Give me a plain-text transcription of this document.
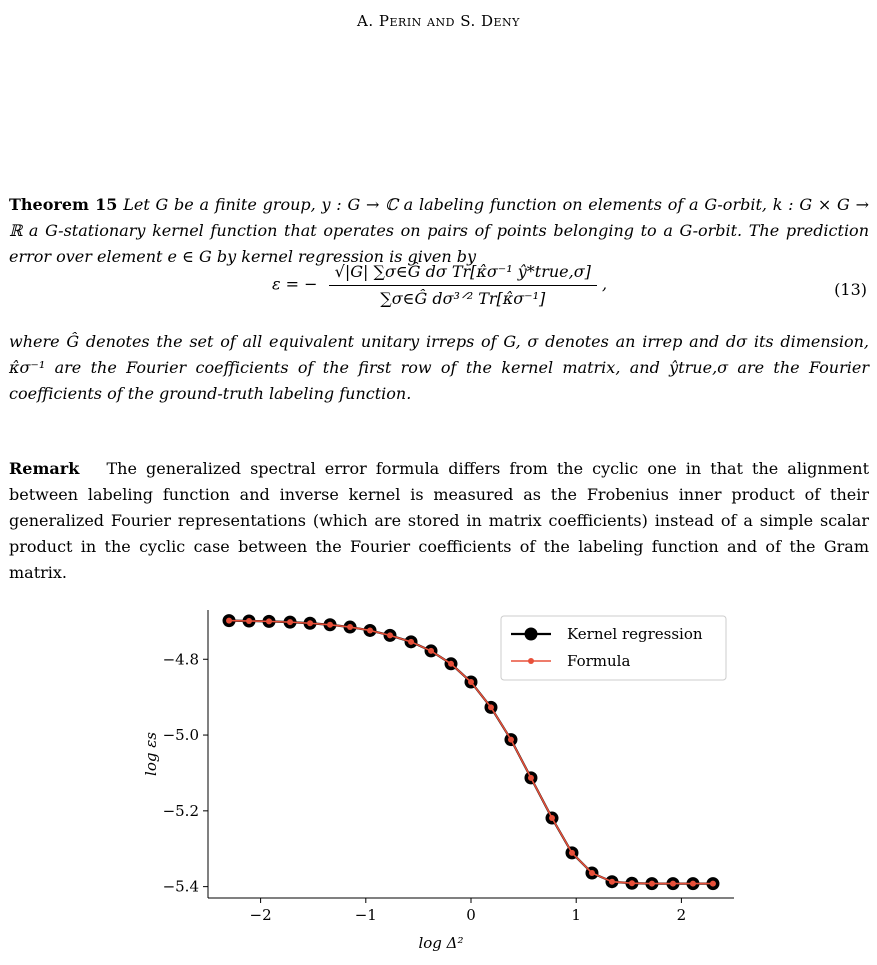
A. Perin and S. Deny
Theorem 15 Let G be a finite group, y : G → ℂ a labeling function on elements of a G-orbit, k : G × G → ℝ a G-stationary kernel function that operates on pairs of points belonging to a G-orbit. The prediction error over element e ∈ G by kernel regression is given by
ε = − $\frac{\text{√|G| ∑σ∈Ĝ dσ Tr[κ̂σ⁻¹ ŷ*true,σ]}}{\text{∑σ∈Ĝ dσ³ᐟ² Tr[κ̂σ⁻¹]}}$ ,	(13)
where Ĝ denotes the set of all equivalent unitary irreps of G, σ denotes an irrep and dσ its dimension, κ̂σ⁻¹ are the Fourier coefficients of the first row of the kernel matrix, and ŷtrue,σ are the Fourier coefficients of the ground-truth labeling function.
Remark The generalized spectral error formula differs from the cyclic one in that the alignment between labeling function and inverse kernel is measured as the Frobenius inner product of their generalized Fourier representations (which are stored in matrix coefficients) instead of a simple scalar product in the cyclic case between the Fourier coefficients of the labeling function and of the Gram matrix.
−2	−1	0	1	2
−4.8
−5.0
−5.2
−5.4
log Δ²
log εs
Kernel regression
Formula
